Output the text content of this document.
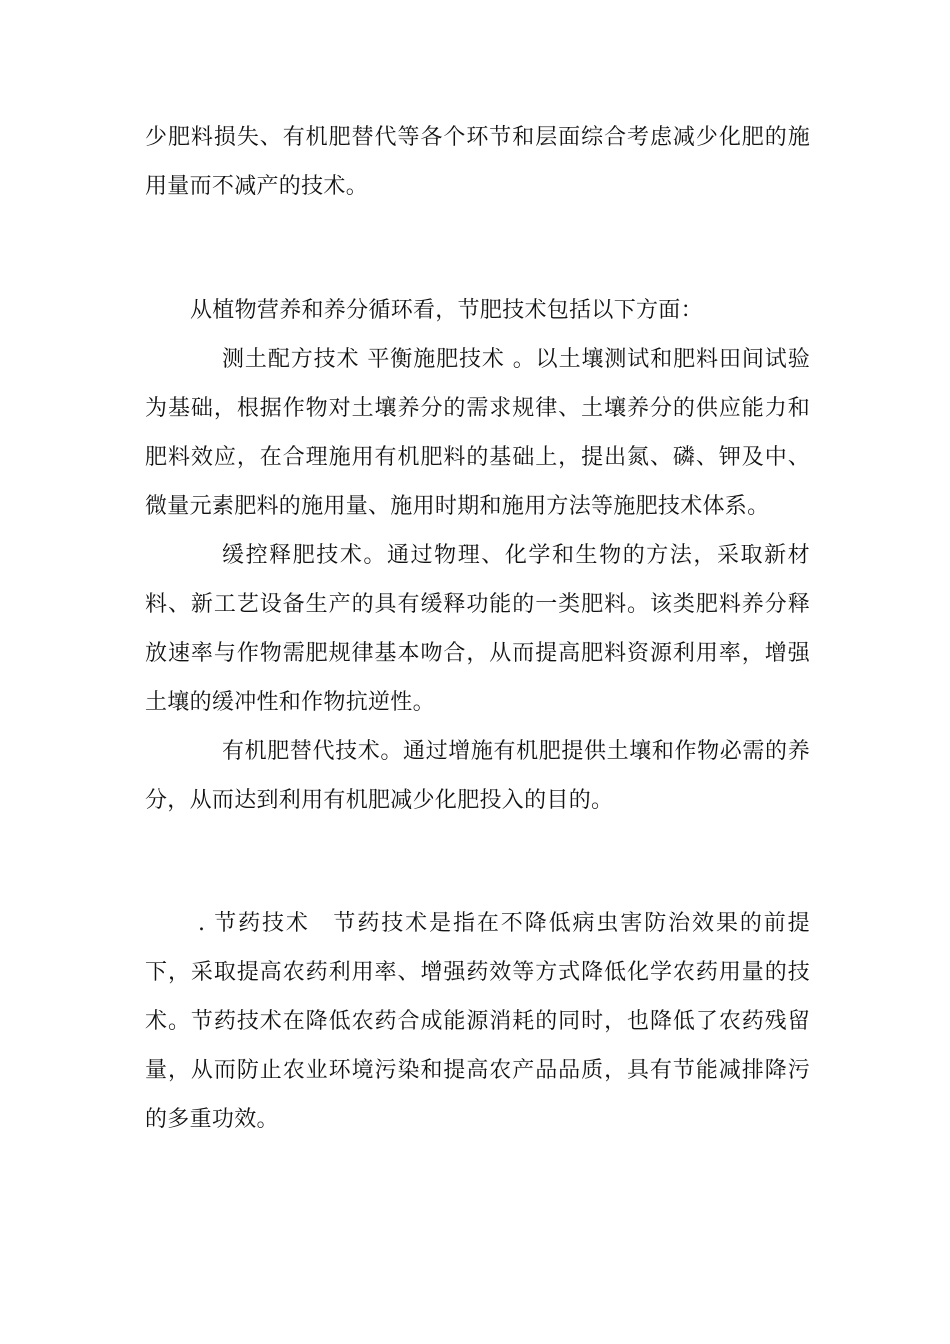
少肥料损失、有机肥替代等各个环节和层面综合考虑减少化肥的施用量而不减产的技术。

从植物营养和养分循环看，节肥技术包括以下方面：

测土配方技术 平衡施肥技术 。以土壤测试和肥料田间试验为基础，根据作物对土壤养分的需求规律、土壤养分的供应能力和肥料效应，在合理施用有机肥料的基础上，提出氮、磷、钾及中、微量元素肥料的施用量、施用时期和施用方法等施肥技术体系。

缓控释肥技术。通过物理、化学和生物的方法，采取新材料、新工艺设备生产的具有缓释功能的一类肥料。该类肥料养分释放速率与作物需肥规律基本吻合，从而提高肥料资源利用率，增强土壤的缓冲性和作物抗逆性。

有机肥替代技术。通过增施有机肥提供土壤和作物必需的养分，从而达到利用有机肥减少化肥投入的目的。

. 节药技术 节药技术是指在不降低病虫害防治效果的前提下，采取提高农药利用率、增强药效等方式降低化学农药用量的技术。节药技术在降低农药合成能源消耗的同时，也降低了农药残留量，从而防止农业环境污染和提高农产品品质，具有节能减排降污的多重功效。
